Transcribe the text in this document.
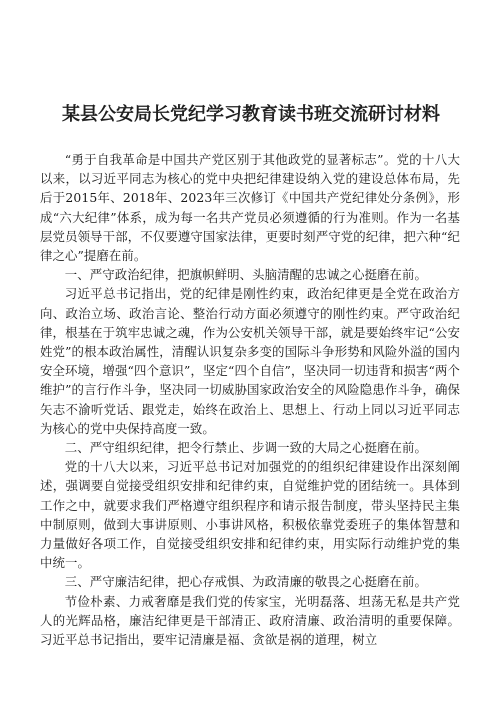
某县公安局长党纪学习教育读书班交流研讨材料

“勇于自我革命是中国共产党区别于其他政党的显著标志”。党的十八大以来，以习近平同志为核心的党中央把纪律建设纳入党的建设总体布局，先后于2015年、2018年、2023年三次修订《中国共产党纪律处分条例》，形成“六大纪律”体系，成为每一名共产党员必须遵循的行为准则。作为一名基层党员领导干部，不仅要遵守国家法律，更要时刻严守党的纪律，把六种“纪律之心”提磨在前。

一、严守政治纪律，把旗帜鲜明、头脑清醒的忠诚之心挺磨在前。

习近平总书记指出，党的纪律是刚性约束，政治纪律更是全党在政治方向、政治立场、政治言论、整治行动方面必须遵守的刚性约束。严守政治纪律，根基在于筑牢忠诚之魂，作为公安机关领导干部，就是要始终牢记“公安姓党”的根本政治属性，清醒认识复杂多变的国际斗争形势和风险外溢的国内安全环境，增强“四个意识”，坚定“四个自信”，坚决同一切违背和损害“两个维护”的言行作斗争，坚决同一切威胁国家政治安全的风险隐患作斗争，确保矢志不渝听党话、跟党走，始终在政治上、思想上、行动上同以习近平同志为核心的党中央保持高度一致。

二、严守组织纪律，把令行禁止、步调一致的大局之心挺磨在前。

党的十八大以来，习近平总书记对加强党的的组织纪律建设作出深刻阐述，强调要自觉接受组织安排和纪律约束，自觉维护党的团结统一。具体到工作之中，就要求我们严格遵守组织程序和请示报告制度，带头坚持民主集中制原则，做到大事讲原则、小事讲风格，积极依靠党委班子的集体智慧和力量做好各项工作，自觉接受组织安排和纪律约束，用实际行动维护党的集中统一。

三、严守廉洁纪律，把心存戒惧、为政清廉的敬畏之心挺磨在前。

节俭朴素、力戒奢靡是我们党的传家宝，光明磊落、坦荡无私是共产党人的光辉品格，廉洁纪律更是干部清正、政府清廉、政治清明的重要保障。习近平总书记指出，要牢记清廉是福、贪欲是祸的道理，树立
